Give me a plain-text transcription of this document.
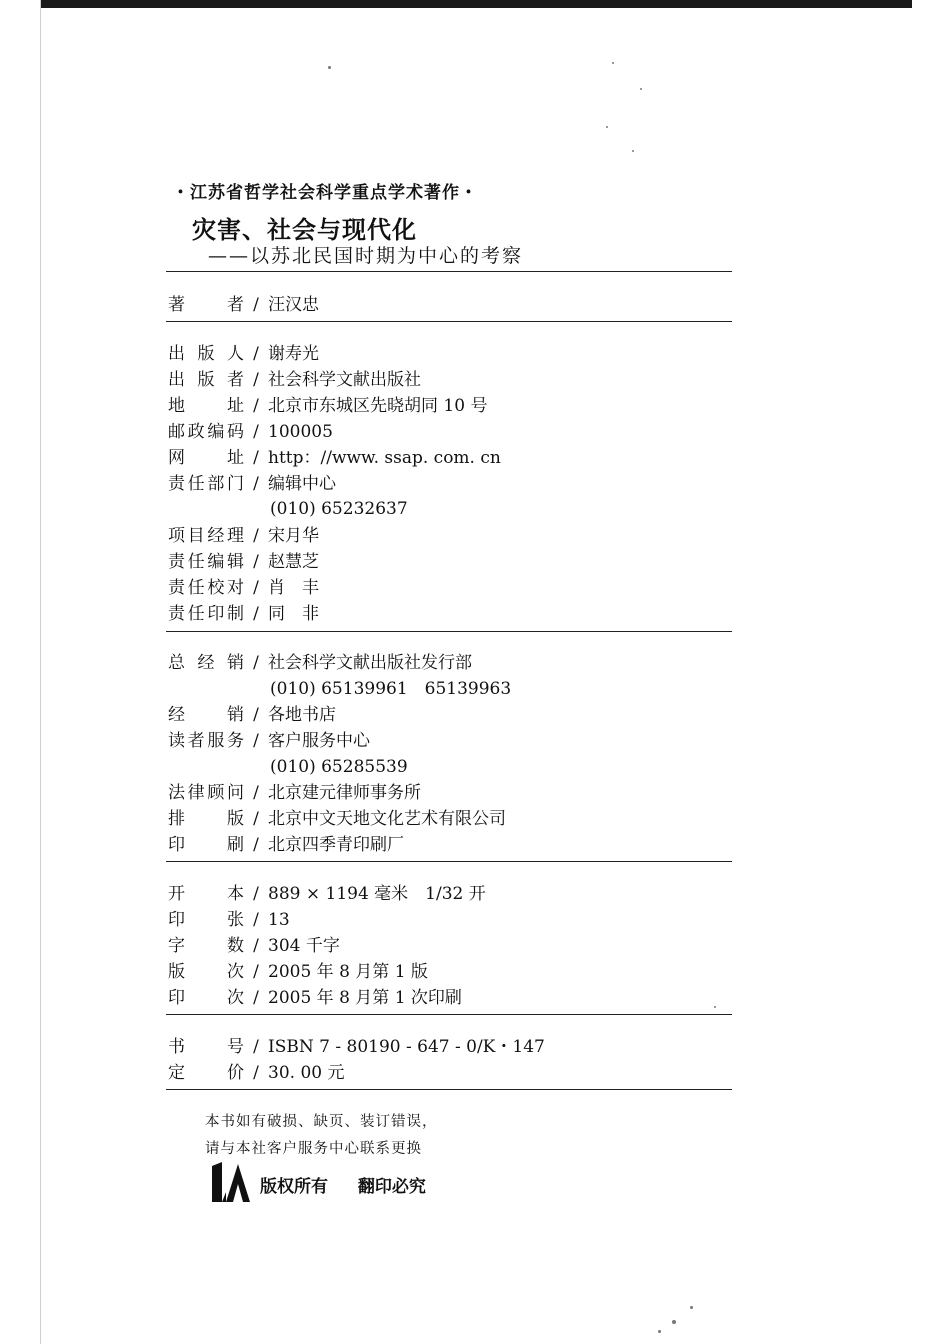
・江苏省哲学社会科学重点学术著作・
灾害、社会与现代化
——以苏北民国时期为中心的考察
著者 / 汪汉忠
出版人 / 谢寿光
出版者 / 社会科学文献出版社
地址 / 北京市东城区先晓胡同 10 号
邮政编码 / 100005
网址 / http：//www. ssap. com. cn
责任部门 / 编辑中心
(010) 65232637
项目经理 / 宋月华
责任编辑 / 赵慧芝
责任校对 / 肖　丰
责任印制 / 同　非
总经销 / 社会科学文献出版社发行部
(010) 65139961　65139963
经销 / 各地书店
读者服务 / 客户服务中心
(010) 65285539
法律顾问 / 北京建元律师事务所
排版 / 北京中文天地文化艺术有限公司
印刷 / 北京四季青印刷厂
开本 / 889 × 1194 毫米　1/32 开
印张 / 13
字数 / 304 千字
版次 / 2005 年 8 月第 1 版
印次 / 2005 年 8 月第 1 次印刷
书号 / ISBN 7 - 80190 - 647 - 0/K・147
定价 / 30. 00 元
本书如有破损、缺页、装订错误，
请与本社客户服务中心联系更换
版权所有 翻印必究
